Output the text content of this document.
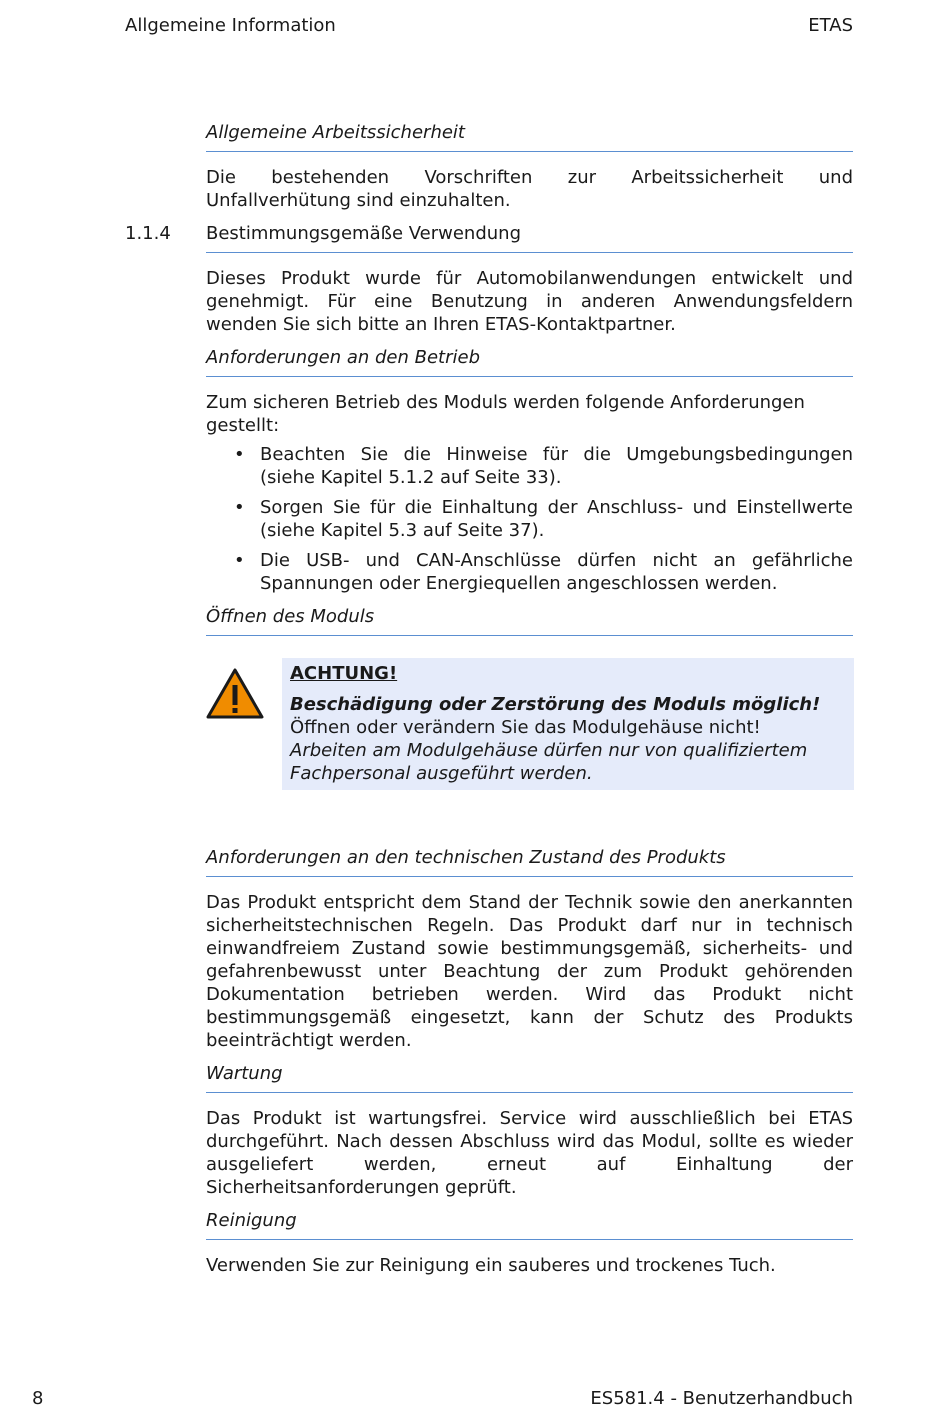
Allgemeine Information	ETAS
Allgemeine Arbeitssicherheit

Die bestehenden Vorschriften zur Arbeitssicherheit und Unfallverhütung sind einzuhalten.

1.1.4 Bestimmungsgemäße Verwendung

Dieses Produkt wurde für Automobilanwendungen entwickelt und genehmigt. Für eine Benutzung in anderen Anwendungsfeldern wenden Sie sich bitte an Ihren ETAS-Kontaktpartner.

Anforderungen an den Betrieb

Zum sicheren Betrieb des Moduls werden folgende Anforderungen gestellt:

• Beachten Sie die Hinweise für die Umgebungsbedingungen (siehe Kapitel 5.1.2 auf Seite 33).
• Sorgen Sie für die Einhaltung der Anschluss- und Einstellwerte (siehe Kapitel 5.3 auf Seite 37).
• Die USB- und CAN-Anschlüsse dürfen nicht an gefährliche Spannungen oder Energiequellen angeschlossen werden.
Öffnen des Moduls
ACHTUNG!
Beschädigung oder Zerstörung des Moduls möglich!
Öffnen oder verändern Sie das Modulgehäuse nicht!
Arbeiten am Modulgehäuse dürfen nur von qualifiziertem Fachpersonal ausgeführt werden.
Anforderungen an den technischen Zustand des Produkts

Das Produkt entspricht dem Stand der Technik sowie den anerkannten sicherheitstechnischen Regeln. Das Produkt darf nur in technisch einwandfreiem Zustand sowie bestimmungsgemäß, sicherheits- und gefahrenbewusst unter Beachtung der zum Produkt gehörenden Dokumentation betrieben werden. Wird das Produkt nicht bestimmungsgemäß eingesetzt, kann der Schutz des Produkts beeinträchtigt werden.

Wartung

Das Produkt ist wartungsfrei. Service wird ausschließlich bei ETAS durchgeführt. Nach dessen Abschluss wird das Modul, sollte es wieder ausgeliefert werden, erneut auf Einhaltung der Sicherheitsanforderungen geprüft.

Reinigung

Verwenden Sie zur Reinigung ein sauberes und trockenes Tuch.

8	ES581.4 - Benutzerhandbuch
